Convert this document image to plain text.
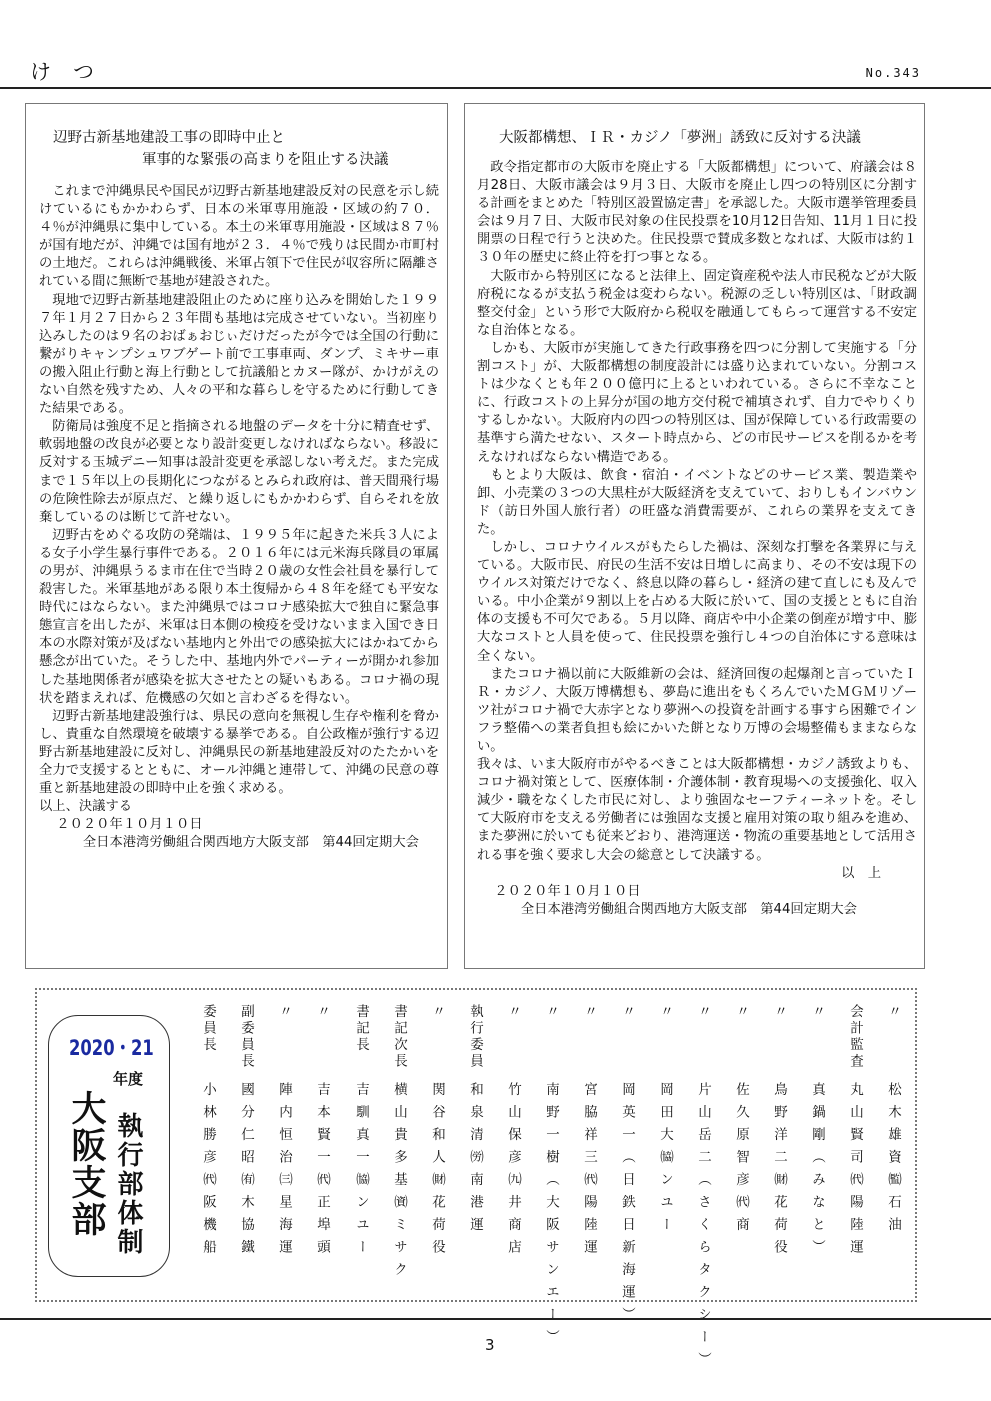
けつ	No.343

辺野古新基地建設工事の即時中止と

軍事的な緊張の高まりを阻止する決議

これまで沖縄県民や国民が辺野古新基地建設反対の民意を示し続けているにもかかわらず、日本の米軍専用施設・区域の約７０．４％が沖縄県に集中している。本土の米軍専用施設・区域は８７％が国有地だが、沖縄では国有地が２３．４％で残りは民間か市町村の土地だ。これらは沖縄戦後、米軍占領下で住民が収容所に隔離されている間に無断で基地が建設された。

現地で辺野古新基地建設阻止のために座り込みを開始した１９９７年１月２７日から２３年間も基地は完成させていない。当初座り込みしたのは９名のおばぁおじぃだけだったが今では全国の行動に繋がりキャンプシュワブゲート前で工事車両、ダンプ、ミキサー車の搬入阻止行動と海上行動として抗議船とカヌー隊が、かけがえのない自然を残すため、人々の平和な暮らしを守るために行動してきた結果である。

防衛局は強度不足と指摘される地盤のデータを十分に精査せず、軟弱地盤の改良が必要となり設計変更しなければならない。移設に反対する玉城デニー知事は設計変更を承認しない考えだ。また完成まで１５年以上の長期化につながるとみられ政府は、普天間飛行場の危険性除去が原点だ、と繰り返しにもかかわらず、自らそれを放棄しているのは断じて許せない。

辺野古をめぐる攻防の発端は、１９９５年に起きた米兵３人による女子小学生暴行事件である。２０１６年には元米海兵隊員の軍属の男が、沖縄県うるま市在住で当時２０歳の女性会社員を暴行して殺害した。米軍基地がある限り本土復帰から４８年を経ても平安な時代にはならない。また沖縄県ではコロナ感染拡大で独自に緊急事態宣言を出したが、米軍は日本側の検疫を受けないまま入国でき日本の水際対策が及ばない基地内と外出での感染拡大にはかねてから懸念が出ていた。そうした中、基地内外でパーティーが開かれ参加した基地関係者が感染を拡大させたとの疑いもある。コロナ禍の現状を踏まえれば、危機感の欠如と言わざるを得ない。

辺野古新基地建設強行は、県民の意向を無視し生存や権利を脅かし、貴重な自然環境を破壊する暴挙である。自公政権が強行する辺野古新基地建設に反対し、沖縄県民の新基地建設反対のたたかいを全力で支援するとともに、オール沖縄と連帯して、沖縄の民意の尊重と新基地建設の即時中止を強く求める。

以上、決議する

２０２０年１０月１０日

全日本港湾労働組合関西地方大阪支部　第44回定期大会

大阪都構想、ＩＲ・カジノ「夢洲」誘致に反対する決議

政令指定都市の大阪市を廃止する「大阪都構想」について、府議会は８月28日、大阪市議会は９月３日、大阪市を廃止し四つの特別区に分割する計画をまとめた「特別区設置協定書」を承認した。大阪市選挙管理委員会は９月７日、大阪市民対象の住民投票を10月12日告知、11月１日に投開票の日程で行うと決めた。住民投票で賛成多数となれば、大阪市は約１３０年の歴史に終止符を打つ事となる。

大阪市から特別区になると法律上、固定資産税や法人市民税などが大阪府税になるが支払う税金は変わらない。税源の乏しい特別区は、「財政調整交付金」という形で大阪府から税収を融通してもらって運営する不安定な自治体となる。

しかも、大阪市が実施してきた行政事務を四つに分割して実施する「分割コスト」が、大阪都構想の制度設計には盛り込まれていない。分割コストは少なくとも年２００億円に上るといわれている。さらに不幸なことに、行政コストの上昇分が国の地方交付税で補填されず、自力でやりくりするしかない。大阪府内の四つの特別区は、国が保障している行政需要の基準すら満たせない、スタート時点から、どの市民サービスを削るかを考えなければならない構造である。

もとより大阪は、飲食・宿泊・イベントなどのサービス業、製造業や卸、小売業の３つの大黒柱が大阪経済を支えていて、おりしもインバウンド（訪日外国人旅行者）の旺盛な消費需要が、これらの業界を支えてきた。

しかし、コロナウイルスがもたらした禍は、深刻な打撃を各業界に与えている。大阪市民、府民の生活不安は日増しに高まり、その不安は現下のウイルス対策だけでなく、終息以降の暮らし・経済の建て直しにも及んでいる。中小企業が９割以上を占める大阪に於いて、国の支援とともに自治体の支援も不可欠である。５月以降、商店や中小企業の倒産が増す中、膨大なコストと人員を使って、住民投票を強行し４つの自治体にする意味は全くない。

またコロナ禍以前に大阪維新の会は、経済回復の起爆剤と言っていたＩＲ・カジノ、大阪万博構想も、夢島に進出をもくろんでいたＭＧＭリゾーツ社がコロナ禍で大赤字となり夢洲への投資を計画する事すら困難でインフラ整備への業者負担も絵にかいた餅となり万博の会場整備もままならない。

我々は、いま大阪府市がやるべきことは大阪都構想・カジノ誘致よりも、コロナ禍対策として、医療体制・介護体制・教育現場への支援強化、収入減少・職をなくした市民に対し、より強固なセーフティーネットを。そして大阪府市を支える労働者には強固な支援と雇用対策の取り組みを進め、また夢洲に於いても従来どおり、港湾運送・物流の重要基地として活用される事を強く要求し大会の総意として決議する。

以　上

２０２０年１０月１０日

全日本港湾労働組合関西地方大阪支部　第44回定期大会

2020・21
年度
大阪支部 執行部体制
委員長
小林勝彦㈹阪機船
副委員長
國分仁昭㈲木協鐵
〃
陣内恒治㈢星海運
〃
吉本賢一㈹正埠頭
書記長
吉馴真一㈿ンユー
書記次長
横山貴多基㈾ミサク
〃
関谷和人㈶花荷役
執行委員
和泉清㈸南港運
〃
竹山保彦㈨井商店
〃
南野一樹（大阪サンエー）
〃
宮脇祥三㈹陽陸運
〃
岡英一（日鉄日新海運）
〃
岡田大㈿ンユー
〃
片山岳二（さくらタクシー）
〃
佐久原智彦㈹商
〃
鳥野洋二㈶花荷役
〃
真鍋剛（みなと）
会計監査
丸山賢司㈹陽陸運
〃
松木雄資㈼石油
3
